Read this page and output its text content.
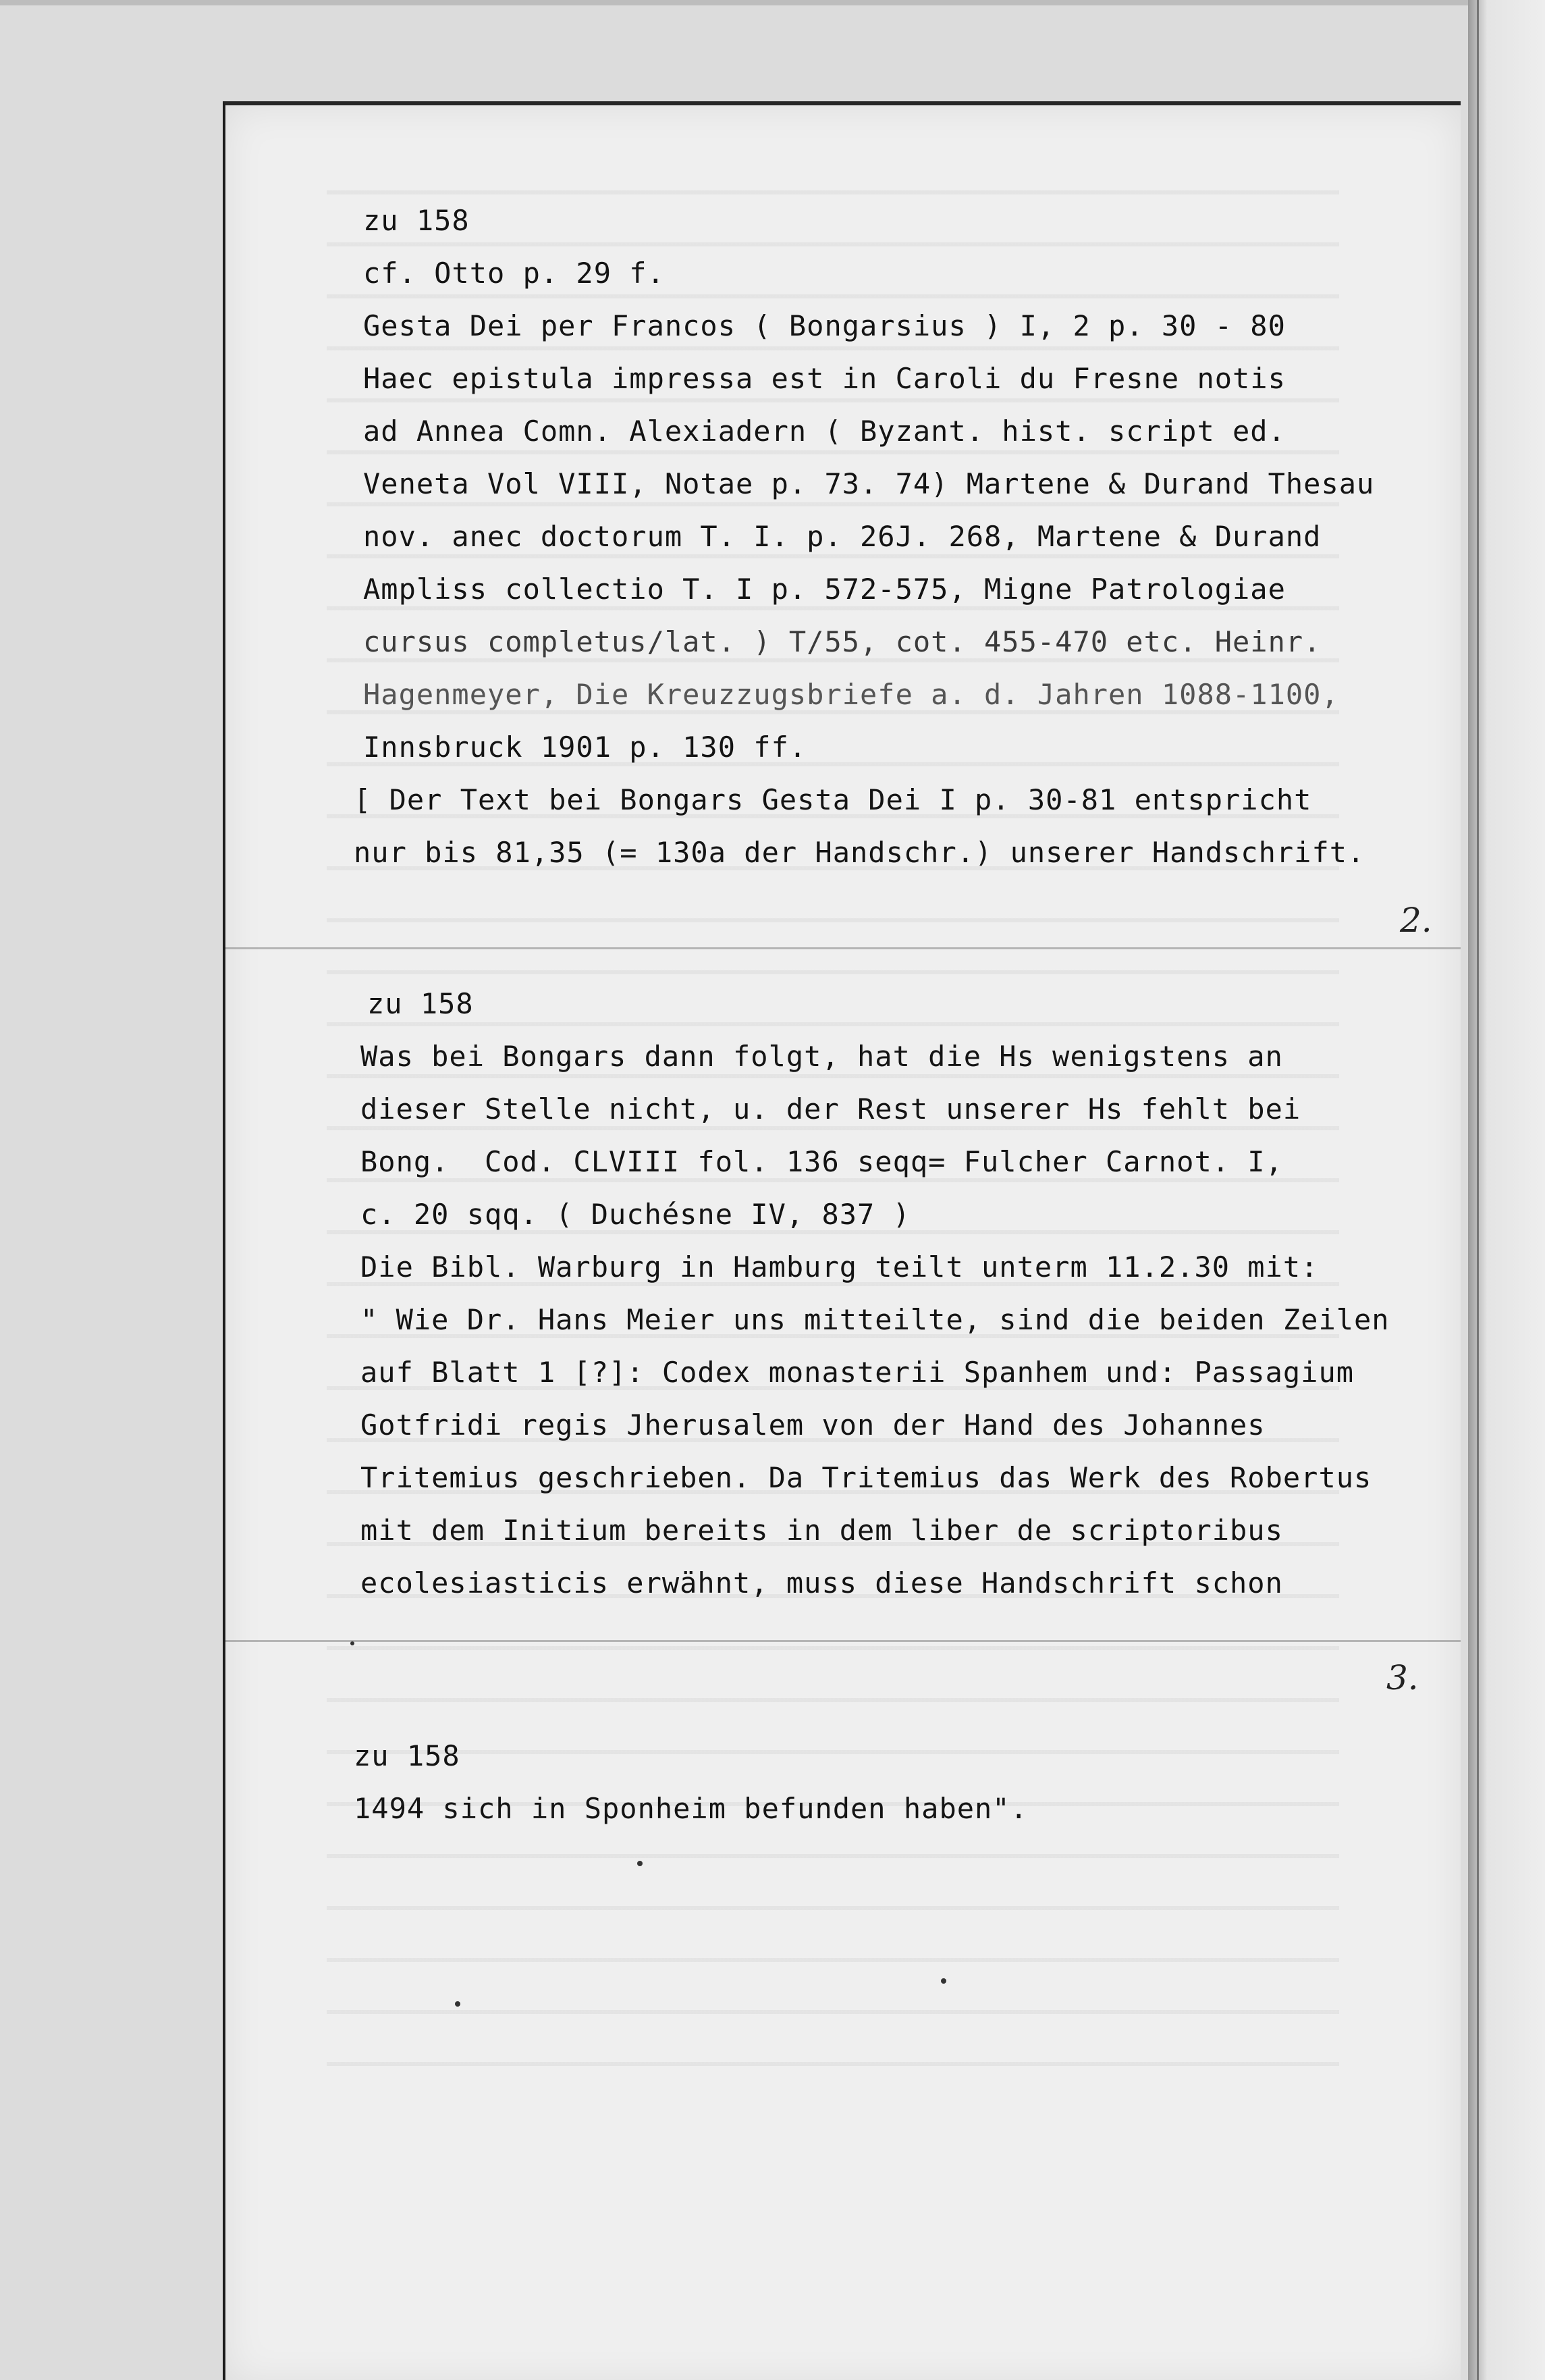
zu 158
cf. Otto p. 29 f.
Gesta Dei per Francos ( Bongarsius ) I, 2 p. 30 - 80
Haec epistula impressa est in Caroli du Fresne notis
ad Annea Comn. Alexiadern ( Byzant. hist. script ed.
Veneta Vol VIII, Notae p. 73. 74) Martene & Durand Thesau
nov. anec doctorum T. I. p. 26J. 268, Martene & Durand
Ampliss collectio T. I p. 572-575, Migne Patrologiae
cursus completus/lat. ) T/55, cot. 455-470 etc. Heinr.
Hagenmeyer, Die Kreuzzugsbriefe a. d. Jahren 1088-1100,
Innsbruck 1901 p. 130 ff.
[ Der Text bei Bongars Gesta Dei I p. 30-81 entspricht
nur bis 81,35 (= 130a der Handschr.) unserer Handschrift.
2.
zu 158
Was bei Bongars dann folgt, hat die Hs wenigstens an
dieser Stelle nicht, u. der Rest unserer Hs fehlt bei
Bong.  Cod. CLVIII fol. 136 seqq= Fulcher Carnot. I,
c. 20 sqq. ( Duchésne IV, 837 )
Die Bibl. Warburg in Hamburg teilt unterm 11.2.30 mit:
" Wie Dr. Hans Meier uns mitteilte, sind die beiden Zeilen
auf Blatt 1 [?]: Codex monasterii Spanhem und: Passagium
Gotfridi regis Jherusalem von der Hand des Johannes
Tritemius geschrieben. Da Tritemius das Werk des Robertus
mit dem Initium bereits in dem liber de scriptoribus
ecolesiasticis erwähnt, muss diese Handschrift schon
3.
zu 158
1494 sich in Sponheim befunden haben".
